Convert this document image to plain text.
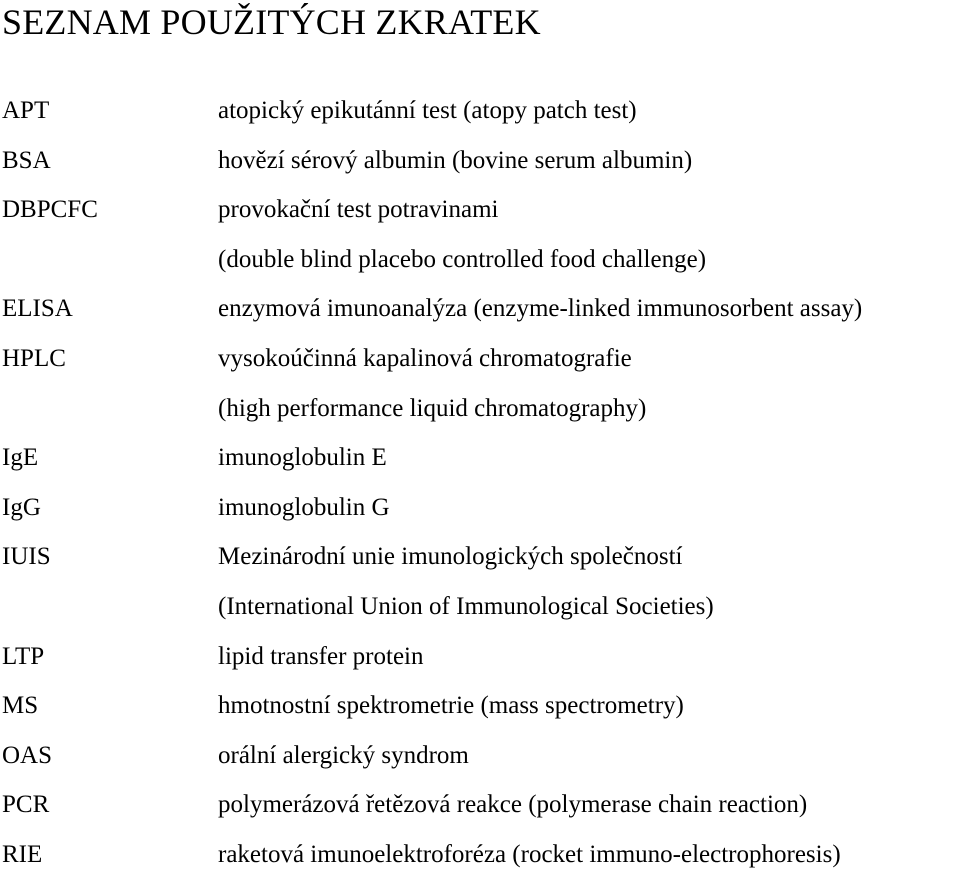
SEZNAM POUŽITÝCH ZKRATEK
APT	atopický epikutánní test (atopy patch test)
BSA	hovězí sérový albumin (bovine serum albumin)
DBPCFC	provokační test potravinami
(double blind placebo controlled food challenge)
ELISA	enzymová imunoanalýza (enzyme-linked immunosorbent assay)
HPLC	vysokoúčinná kapalinová chromatografie
(high performance liquid chromatography)
IgE	imunoglobulin E
IgG	imunoglobulin G
IUIS	Mezinárodní unie imunologických společností
(International Union of Immunological Societies)
LTP	lipid transfer protein
MS	hmotnostní spektrometrie (mass spectrometry)
OAS	orální alergický syndrom
PCR	polymerázová řetězová reakce (polymerase chain reaction)
RIE	raketová imunoelektroforéza (rocket immuno-electrophoresis)
